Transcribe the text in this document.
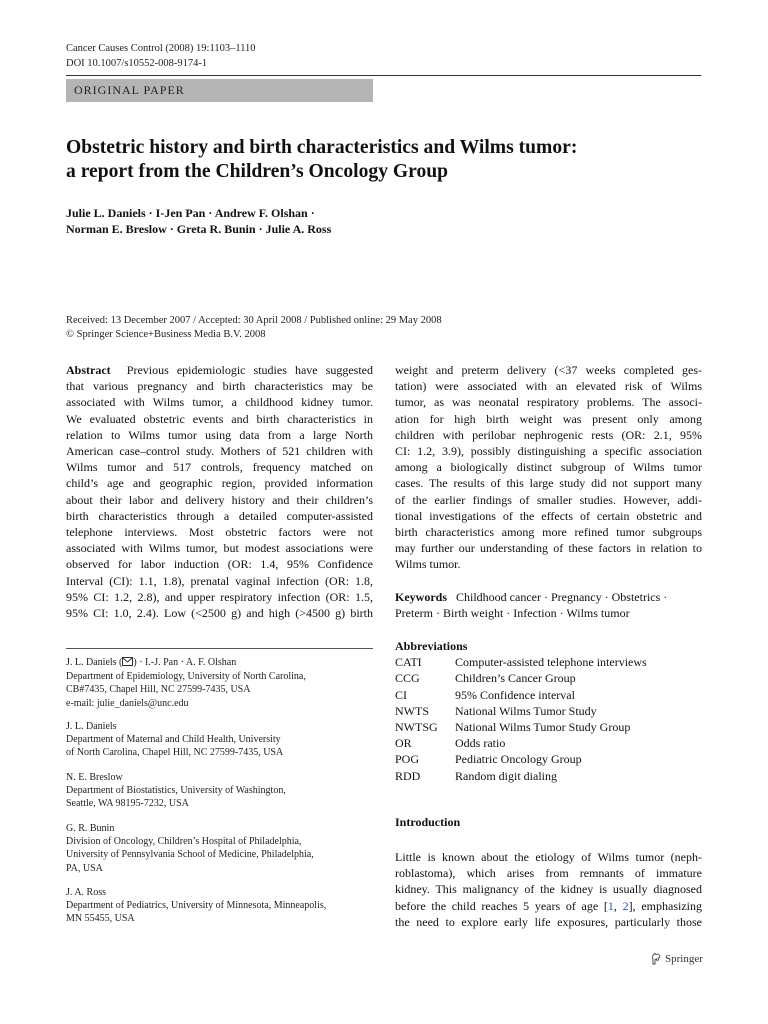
Cancer Causes Control (2008) 19:1103–1110
DOI 10.1007/s10552-008-9174-1
ORIGINAL PAPER
Obstetric history and birth characteristics and Wilms tumor:
a report from the Children’s Oncology Group
Julie L. Daniels · I-Jen Pan · Andrew F. Olshan ·
Norman E. Breslow · Greta R. Bunin · Julie A. Ross
Received: 13 December 2007 / Accepted: 30 April 2008 / Published online: 29 May 2008
© Springer Science+Business Media B.V. 2008
Abstract Previous epidemiologic studies have suggested
that various pregnancy and birth characteristics may be
associated with Wilms tumor, a childhood kidney tumor.
We evaluated obstetric events and birth characteristics in
relation to Wilms tumor using data from a large North
American case–control study. Mothers of 521 children with
Wilms tumor and 517 controls, frequency matched on
child’s age and geographic region, provided information
about their labor and delivery history and their children’s
birth characteristics through a detailed computer-assisted
telephone interviews. Most obstetric factors were not
associated with Wilms tumor, but modest associations were
observed for labor induction (OR: 1.4, 95% Confidence
Interval (CI): 1.1, 1.8), prenatal vaginal infection (OR: 1.8,
95% CI: 1.2, 2.8), and upper respiratory infection (OR: 1.5,
95% CI: 1.0, 2.4). Low (<2500 g) and high (>4500 g) birth
weight and preterm delivery (<37 weeks completed ges-
tation) were associated with an elevated risk of Wilms
tumor, as was neonatal respiratory problems. The associ-
ation for high birth weight was present only among
children with perilobar nephrogenic rests (OR: 2.1, 95%
CI: 1.2, 3.9), possibly distinguishing a specific association
among a biologically distinct subgroup of Wilms tumor
cases. The results of this large study did not support many
of the earlier findings of smaller studies. However, addi-
tional investigations of the effects of certain obstetric and
birth characteristics among more refined tumor subgroups
may further our understanding of these factors in relation to
Wilms tumor.
Keywords Childhood cancer · Pregnancy · Obstetrics ·
Preterm · Birth weight · Infection · Wilms tumor
Abbreviations
CATI	Computer-assisted telephone interviews
CCG	Children’s Cancer Group
CI	95% Confidence interval
NWTS	National Wilms Tumor Study
NWTSG	National Wilms Tumor Study Group
OR	Odds ratio
POG	Pediatric Oncology Group
RDD	Random digit dialing
J. L. Daniels ( ) · I.-J. Pan · A. F. Olshan
Department of Epidemiology, University of North Carolina,
CB#7435, Chapel Hill, NC 27599-7435, USA
e-mail: julie_daniels@unc.edu
J. L. Daniels
Department of Maternal and Child Health, University
of North Carolina, Chapel Hill, NC 27599-7435, USA
N. E. Breslow
Department of Biostatistics, University of Washington,
Seattle, WA 98195-7232, USA
G. R. Bunin
Division of Oncology, Children’s Hospital of Philadelphia,
University of Pennsylvania School of Medicine, Philadelphia,
PA, USA
J. A. Ross
Department of Pediatrics, University of Minnesota, Minneapolis,
MN 55455, USA
Introduction
Little is known about the etiology of Wilms tumor (neph-
roblastoma), which arises from remnants of immature
kidney. This malignancy of the kidney is usually diagnosed
before the child reaches 5 years of age [1, 2], emphasizing
the need to explore early life exposures, particularly those
Springer
